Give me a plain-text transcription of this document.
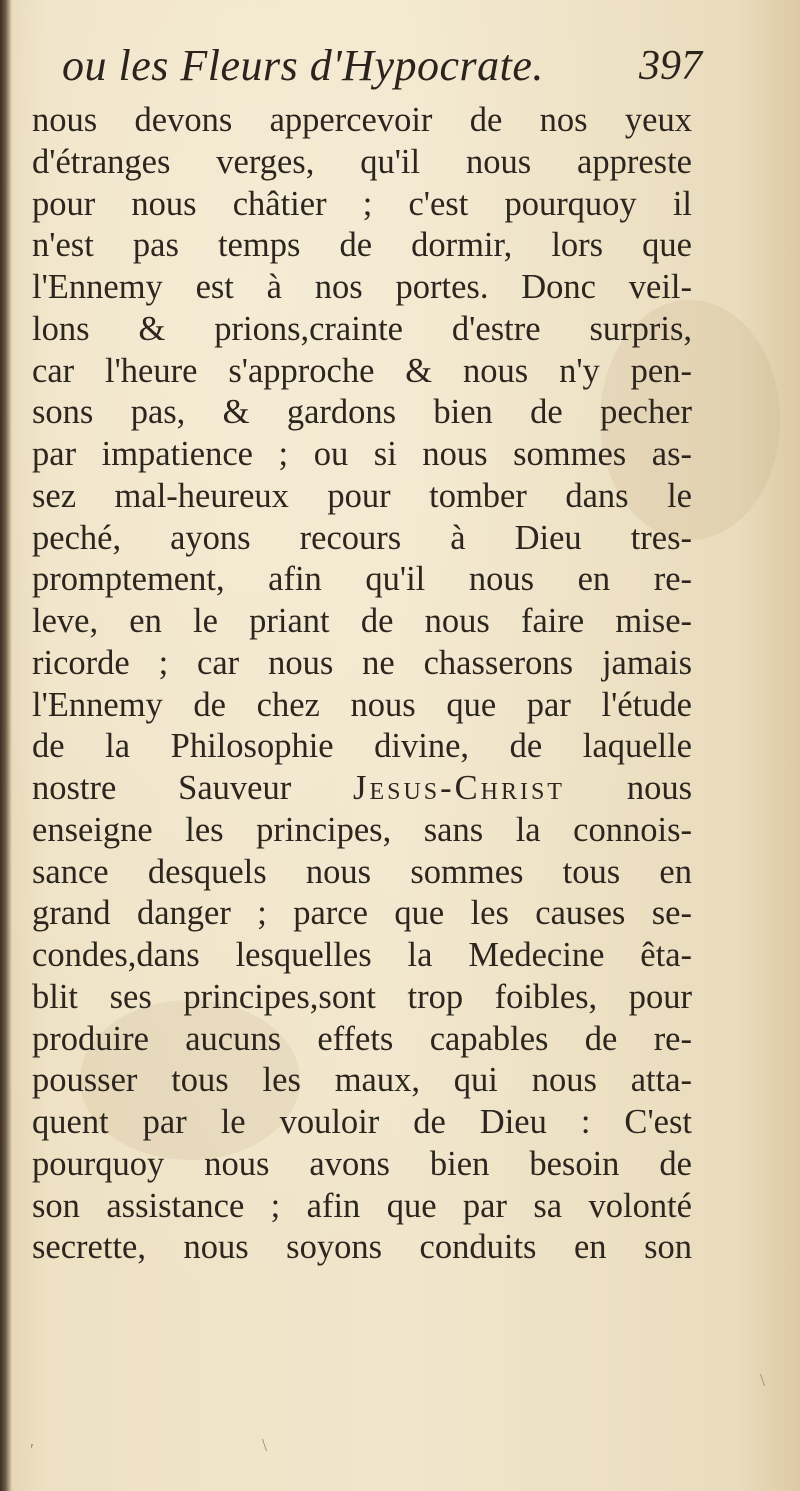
ou les Fleurs d'Hypocrate. 397
nous devons appercevoir de nos yeux
d'étranges verges, qu'il nous appreste
pour nous châtier ; c'est pourquoy il
n'est pas temps de dormir, lors que
l'Ennemy est à nos portes. Donc veil-
lons & prions,crainte d'estre surpris,
car l'heure s'approche & nous n'y pen-
sons pas, & gardons bien de pecher
par impatience ; ou si nous sommes as-
sez mal-heureux pour tomber dans le
peché, ayons recours à Dieu tres-
promptement, afin qu'il nous en re-
leve, en le priant de nous faire mise-
ricorde ; car nous ne chasserons jamais
l'Ennemy de chez nous que par l'étude
de la Philosophie divine, de laquelle
nostre Sauveur Jesus-Christ nous
enseigne les principes, sans la connois-
sance desquels nous sommes tous en
grand danger ; parce que les causes se-
condes,dans lesquelles la Medecine êta-
blit ses principes,sont trop foibles, pour
produire aucuns effets capables de re-
pousser tous les maux, qui nous atta-
quent par le vouloir de Dieu : C'est
pourquoy nous avons bien besoin de
son assistance ; afin que par sa volonté
secrette, nous soyons conduits en son
\
\
′
